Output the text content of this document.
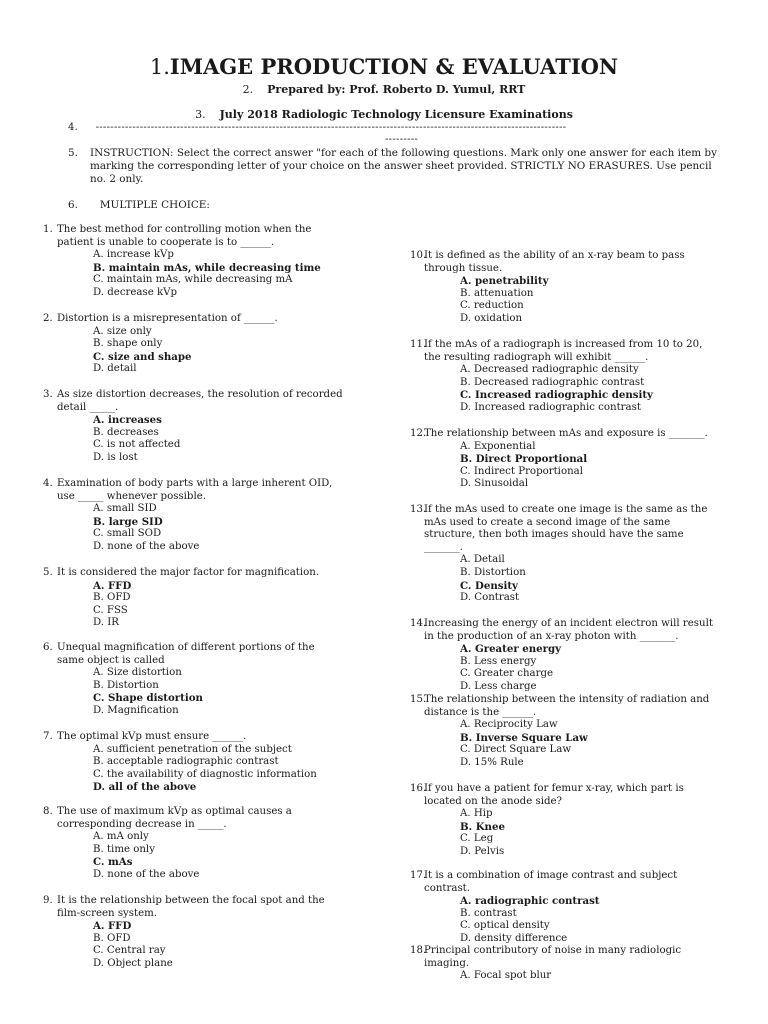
1.IMAGE PRODUCTION & EVALUATION
2. Prepared by: Prof. Roberto D. Yumul, RRT
3. July 2018 Radiologic Technology Licensure Examinations
4. --------------------------------------------------------------------------------------------------------------------------------
---------
5. INSTRUCTION: Select the correct answer "for each of the following questions. Mark only one answer for each item by marking the corresponding letter of your choice on the answer sheet provided. STRICTLY NO ERASURES. Use pencil no. 2 only.
6. MULTIPLE CHOICE:
1. The best method for controlling motion when the patient is unable to cooperate is to ______.
A. increase kVp
B. maintain mAs, while decreasing time
C. maintain mAs, while decreasing mA
D. decrease kVp
2. Distortion is a misrepresentation of ______.
A. size only
B. shape only
C. size and shape
D. detail
3. As size distortion decreases, the resolution of recorded detail _____.
A. increases
B. decreases
C. is not affected
D. is lost
4. Examination of body parts with a large inherent OID, use _____ whenever possible.
A. small SID
B. large SID
C. small SOD
D. none of the above
5. It is considered the major factor for magnification.
A. FFD
B. OFD
C. FSS
D. IR
6. Unequal magnification of different portions of the same object is called
A. Size distortion
B. Distortion
C. Shape distortion
D. Magnification
7. The optimal kVp must ensure ______.
A. sufficient penetration of the subject
B. acceptable radiographic contrast
C. the availability of diagnostic information
D. all of the above
8. The use of maximum kVp as optimal causes a corresponding decrease in _____.
A. mA only
B. time only
C. mAs
D. none of the above
9. It is the relationship between the focal spot and the film-screen system.
A. FFD
B. OFD
C. Central ray
D. Object plane
10.
It is defined as the ability of an x-ray beam to pass through tissue.
A. penetrability
B. attenuation
C. reduction
D. oxidation
11.
If the mAs of a radiograph is increased from 10 to 20, the resulting radiograph will exhibit ______.
A. Decreased radiographic density
B. Decreased radiographic contrast
C. Increased radiographic density
D. Increased radiographic contrast
12.
The relationship between mAs and exposure is _______.
A. Exponential
B. Direct Proportional
C. Indirect Proportional
D. Sinusoidal
13.
If the mAs used to create one image is the same as the mAs used to create a second image of the same structure, then both images should have the same _______.
A. Detail
B. Distortion
C. Density
D. Contrast
14.
Increasing the energy of an incident electron will result in the production of an x-ray photon with _______.
A. Greater energy
B. Less energy
C. Greater charge
D. Less charge
15.
The relationship between the intensity of radiation and distance is the ______.
A. Reciprocity Law
B. Inverse Square Law
C. Direct Square Law
D. 15% Rule
16.
If you have a patient for femur x-ray, which part is located on the anode side?
A. Hip
B. Knee
C. Leg
D. Pelvis
17.
It is a combination of image contrast and subject contrast.
A. radiographic contrast
B. contrast
C. optical density
D. density difference
18.
Principal contributory of noise in many radiologic imaging.
A. Focal spot blur
